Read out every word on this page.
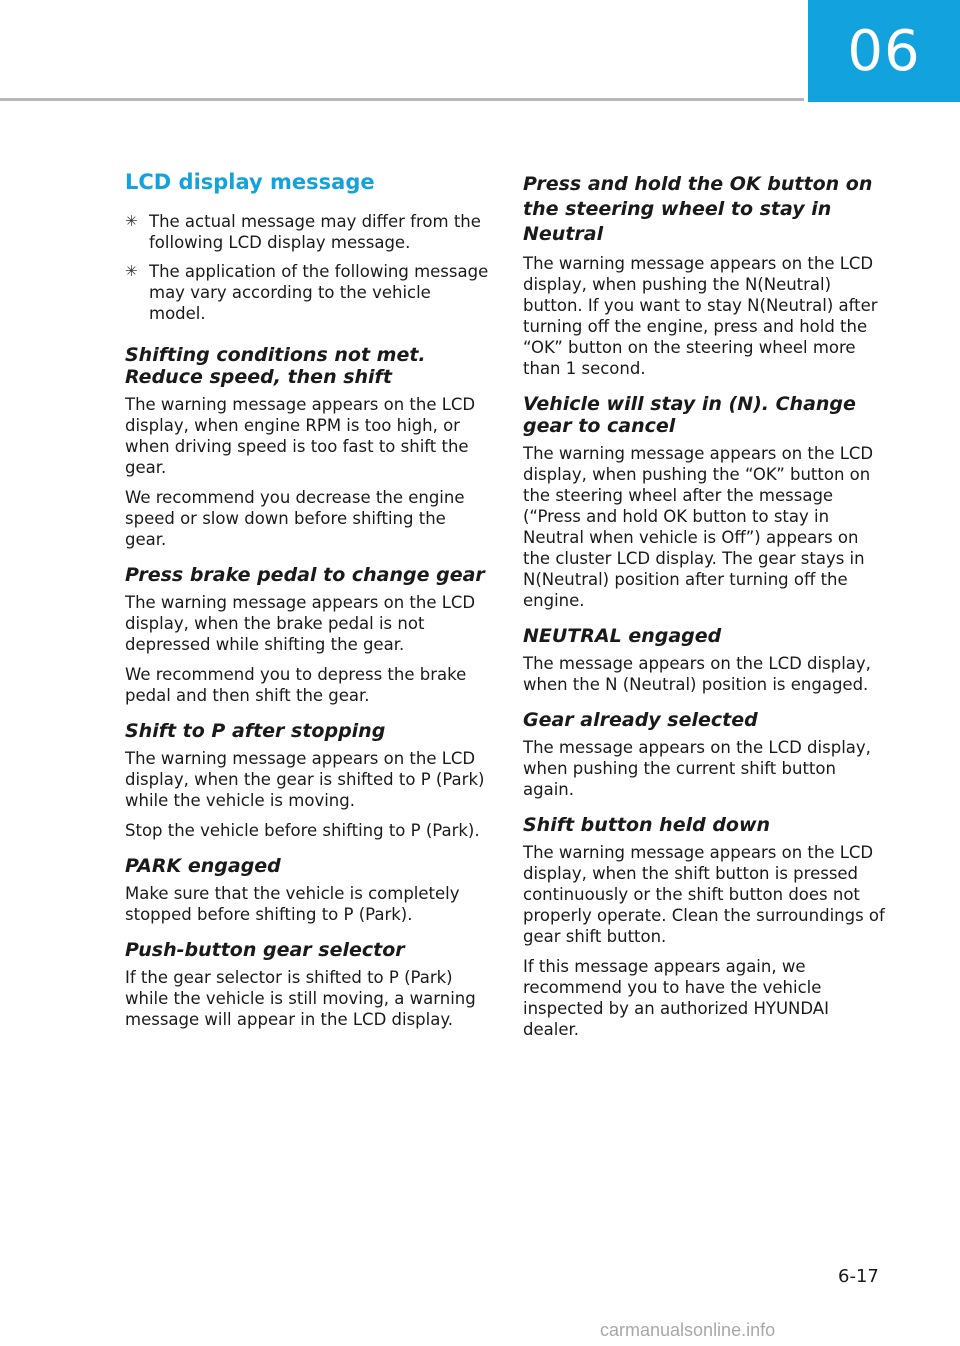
06
LCD display message
✳ The actual message may differ from the following LCD display message.
✳ The application of the following message may vary according to the vehicle model.
Shifting conditions not met. Reduce speed, then shift

The warning message appears on the LCD display, when engine RPM is too high, or when driving speed is too fast to shift the gear.

We recommend you decrease the engine speed or slow down before shifting the gear.

Press brake pedal to change gear

The warning message appears on the LCD display, when the brake pedal is not depressed while shifting the gear.

We recommend you to depress the brake pedal and then shift the gear.

Shift to P after stopping

The warning message appears on the LCD display, when the gear is shifted to P (Park) while the vehicle is moving.

Stop the vehicle before shifting to P (Park).

PARK engaged

Make sure that the vehicle is completely stopped before shifting to P (Park).

Push-button gear selector

If the gear selector is shifted to P (Park) while the vehicle is still moving, a warning message will appear in the LCD display.

Press and hold the OK button on the steering wheel to stay in Neutral

The warning message appears on the LCD display, when pushing the N(Neutral) button. If you want to stay N(Neutral) after turning off the engine, press and hold the “OK” button on the steering wheel more than 1 second.

Vehicle will stay in (N). Change gear to cancel

The warning message appears on the LCD display, when pushing the “OK” button on the steering wheel after the message (“Press and hold OK button to stay in Neutral when vehicle is Off”) appears on the cluster LCD display. The gear stays in N(Neutral) position after turning off the engine.

NEUTRAL engaged

The message appears on the LCD display, when the N (Neutral) position is engaged.

Gear already selected

The message appears on the LCD display, when pushing the current shift button again.

Shift button held down

The warning message appears on the LCD display, when the shift button is pressed continuously or the shift button does not properly operate. Clean the surroundings of gear shift button.

If this message appears again, we recommend you to have the vehicle inspected by an authorized HYUNDAI dealer.

6-17
carmanualsonline.info
